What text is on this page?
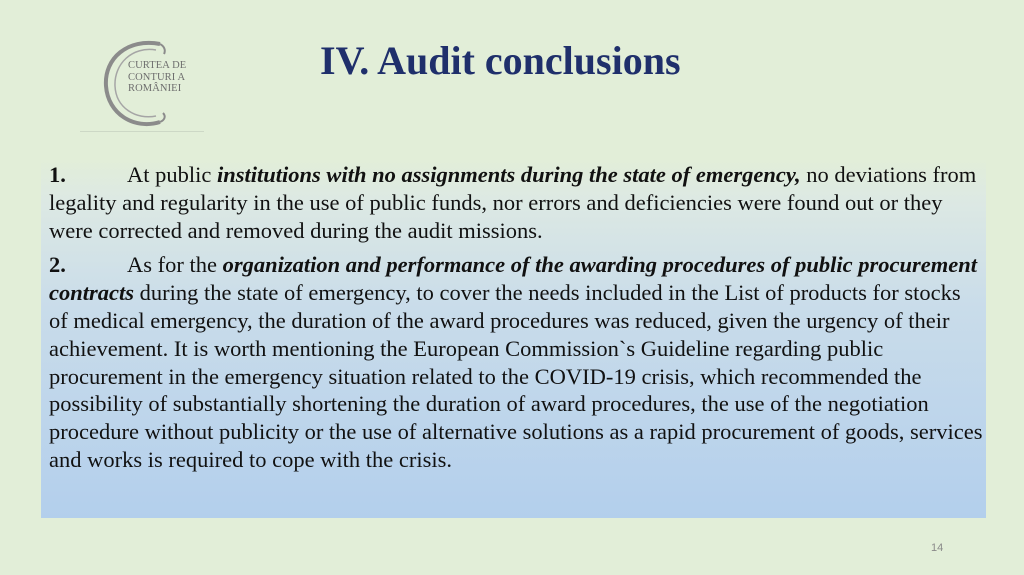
CURTEA DE
CONTURI A
ROMÂNIEI
IV. Audit conclusions

1.	At public institutions with no assignments during the state of emergency, no deviations from legality and regularity in the use of public funds, nor errors and deficiencies were found out or they were corrected and removed during the audit missions.

2.	As for the organization and performance of the awarding procedures of public procurement contracts during the state of emergency, to cover the needs included in the List of products for stocks of medical emergency, the duration of the award procedures was reduced, given the urgency of their achievement. It is worth mentioning the European Commission`s Guideline regarding public procurement in the emergency situation related to the COVID-19 crisis, which recommended the possibility of substantially shortening the duration of award procedures, the use of the negotiation procedure without publicity or the use of alternative solutions as a rapid procurement of goods, services and works is required to cope with the crisis.

14
